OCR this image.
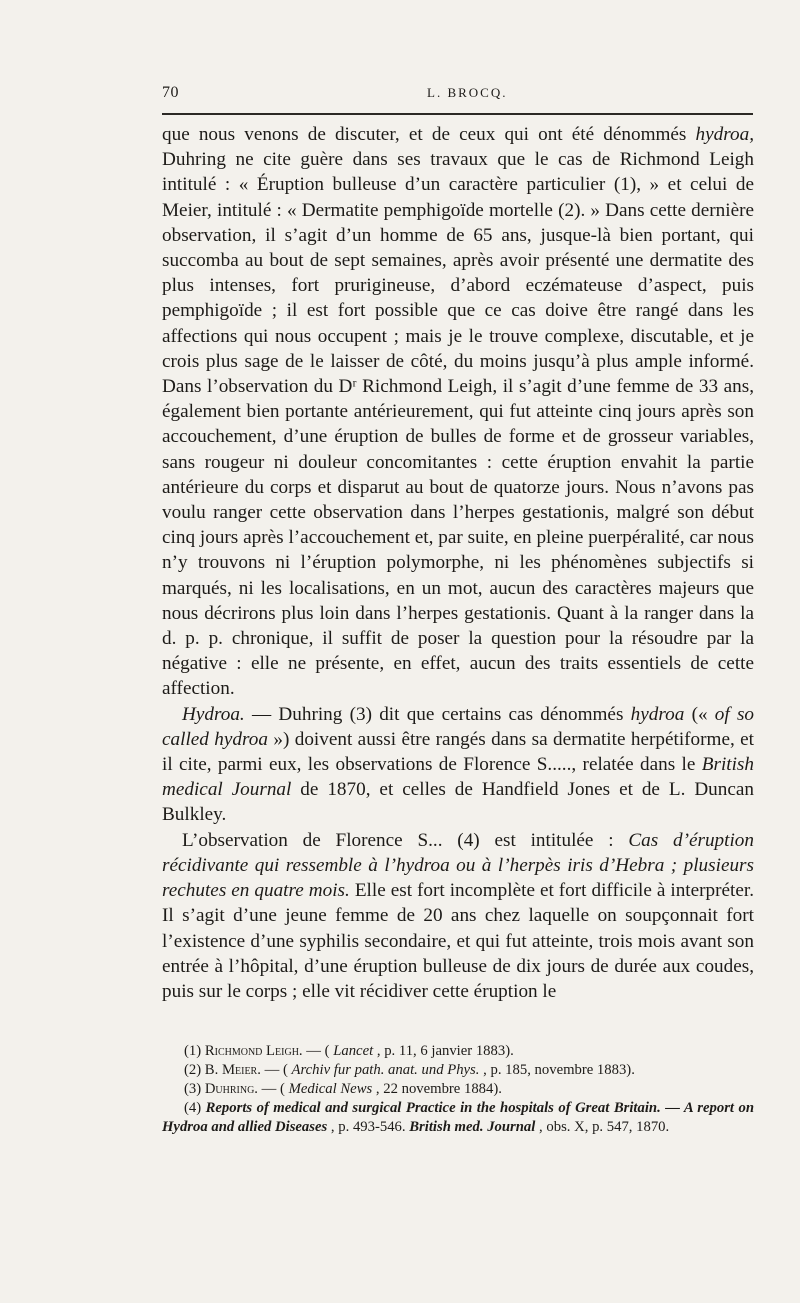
70	L. BROCQ.

que nous venons de discuter, et de ceux qui ont été dénommés hydroa, Duhring ne cite guère dans ses travaux que le cas de Richmond Leigh intitulé : « Éruption bulleuse d’un caractère particulier (1), » et celui de Meier, intitulé : « Dermatite pemphigoïde mortelle (2). » Dans cette dernière observation, il s’agit d’un homme de 65 ans, jusque-là bien portant, qui succomba au bout de sept semaines, après avoir présenté une dermatite des plus intenses, fort prurigineuse, d’abord eczémateuse d’aspect, puis pemphigoïde ; il est fort possible que ce cas doive être rangé dans les affections qui nous occupent ; mais je le trouve complexe, discutable, et je crois plus sage de le laisser de côté, du moins jusqu’à plus ample informé. Dans l’observation du Dʳ Richmond Leigh, il s’agit d’une femme de 33 ans, également bien portante antérieurement, qui fut atteinte cinq jours après son accouchement, d’une éruption de bulles de forme et de grosseur variables, sans rougeur ni douleur concomitantes : cette éruption envahit la partie antérieure du corps et disparut au bout de quatorze jours. Nous n’avons pas voulu ranger cette observation dans l’herpes gestationis, malgré son début cinq jours après l’accouchement et, par suite, en pleine puerpéralité, car nous n’y trouvons ni l’éruption polymorphe, ni les phénomènes subjectifs si marqués, ni les localisations, en un mot, aucun des caractères majeurs que nous décrirons plus loin dans l’herpes gestationis. Quant à la ranger dans la d. p. p. chronique, il suffit de poser la question pour la résoudre par la négative : elle ne présente, en effet, aucun des traits essentiels de cette affection.

Hydroa. — Duhring (3) dit que certains cas dénommés hydroa (« of so called hydroa ») doivent aussi être rangés dans sa dermatite herpétiforme, et il cite, parmi eux, les observations de Florence S....., relatée dans le British medical Journal de 1870, et celles de Handfield Jones et de L. Duncan Bulkley.

L’observation de Florence S... (4) est intitulée : Cas d’éruption récidivante qui ressemble à l’hydroa ou à l’herpès iris d’Hebra ; plusieurs rechutes en quatre mois. Elle est fort incomplète et fort difficile à interpréter. Il s’agit d’une jeune femme de 20 ans chez laquelle on soupçonnait fort l’existence d’une syphilis secondaire, et qui fut atteinte, trois mois avant son entrée à l’hôpital, d’une éruption bulleuse de dix jours de durée aux coudes, puis sur le corps ; elle vit récidiver cette éruption le

(1) Richmond Leigh. — ( Lancet , p. 11, 6 janvier 1883).

(2) B. Meier. — ( Archiv fur path. anat. und Phys. , p. 185, novembre 1883).

(3) Duhring. — ( Medical News , 22 novembre 1884).

(4) Reports of medical and surgical Practice in the hospitals of Great Britain. — A report on Hydroa and allied Diseases , p. 493-546. British med. Journal , obs. X, p. 547, 1870.
